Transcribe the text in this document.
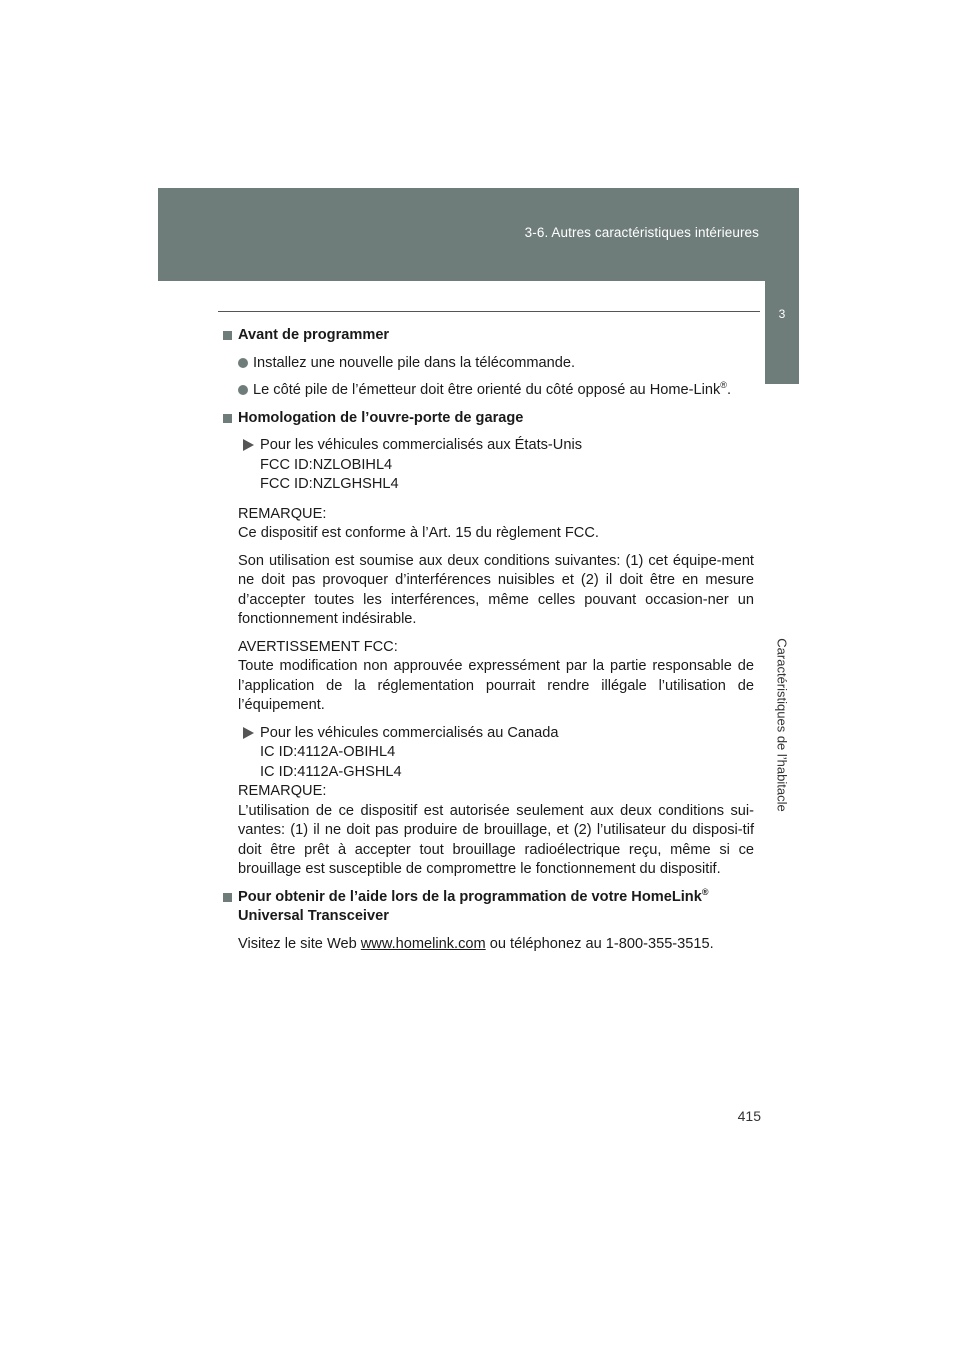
3-6. Autres caractéristiques intérieures
3
Caractéristiques de l’habitacle
Avant de programmer
Installez une nouvelle pile dans la télécommande.
Le côté pile de l’émetteur doit être orienté du côté opposé au Home-Link®.
Homologation de l’ouvre-porte de garage
Pour les véhicules commercialisés aux États-Unis
FCC ID:NZLOBIHL4
FCC ID:NZLGHSHL4
REMARQUE:
Ce dispositif est conforme à l’Art. 15 du règlement FCC.
Son utilisation est soumise aux deux conditions suivantes: (1) cet équipe-ment ne doit pas provoquer d’interférences nuisibles et (2) il doit être en mesure d’accepter toutes les interférences, même celles pouvant occasion-ner un fonctionnement indésirable.
AVERTISSEMENT FCC:
Toute modification non approuvée expressément par la partie responsable de l’application de la réglementation pourrait rendre illégale l’utilisation de l’équipement.
Pour les véhicules commercialisés au Canada
IC ID:4112A-OBIHL4
IC ID:4112A-GHSHL4
REMARQUE:
L’utilisation de ce dispositif est autorisée seulement aux deux conditions sui-vantes: (1) il ne doit pas produire de brouillage, et (2) l’utilisateur du disposi-tif doit être prêt à accepter tout brouillage radioélectrique reçu, même si ce brouillage est susceptible de compromettre le fonctionnement du dispositif.
Pour obtenir de l’aide lors de la programmation de votre HomeLink®
Universal Transceiver
Visitez le site Web www.homelink.com ou téléphonez au 1-800-355-3515.
415
